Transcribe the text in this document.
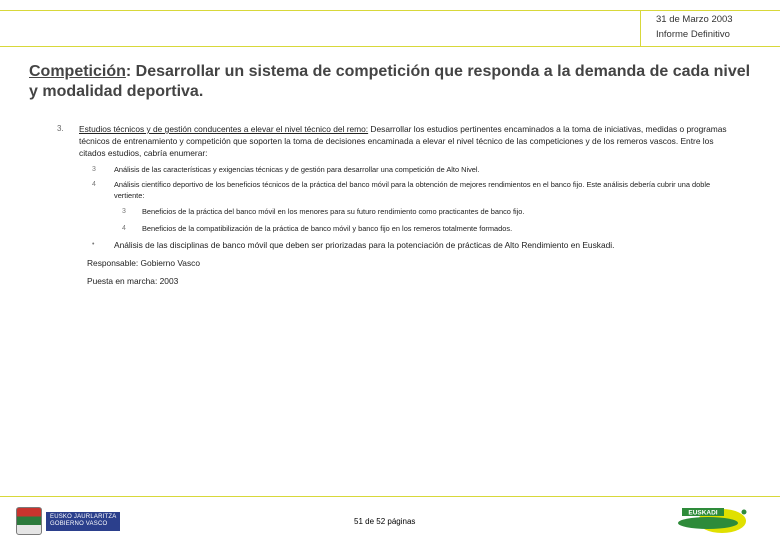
31 de Marzo 2003
Informe Definitivo
Competición: Desarrollar un sistema de competición que responda a la demanda de cada nivel y modalidad deportiva.
3. Estudios técnicos y de gestión conducentes a elevar el nivel técnico del remo: Desarrollar los estudios pertinentes encaminados a la toma de iniciativas, medidas o programas técnicos de entrenamiento y competición que soporten la toma de decisiones encaminada a elevar el nivel técnico de las competiciones y de los remeros vascos. Entre los citados estudios, cabría enumerar:
3 Análisis de las características y exigencias técnicas y de gestión para desarrollar una competición de Alto Nivel.
4 Análisis científico deportivo de los beneficios técnicos de la práctica del banco móvil para la obtención de mejores rendimientos en el banco fijo. Este análisis debería cubrir una doble vertiente:
3 Beneficios de la práctica del banco móvil en los menores para su futuro rendimiento como practicantes de banco fijo.
4 Beneficios de la compatibilización de la práctica de banco móvil y banco fijo en los remeros totalmente formados.
• Análisis de las disciplinas de banco móvil que deben ser priorizadas para la potenciación de prácticas de Alto Rendimiento en Euskadi.
Responsable: Gobierno Vasco
Puesta en marcha: 2003
EUSKO JAURLARITZA
GOBIERNO VASCO	51 de 52 páginas
EUSKADI
